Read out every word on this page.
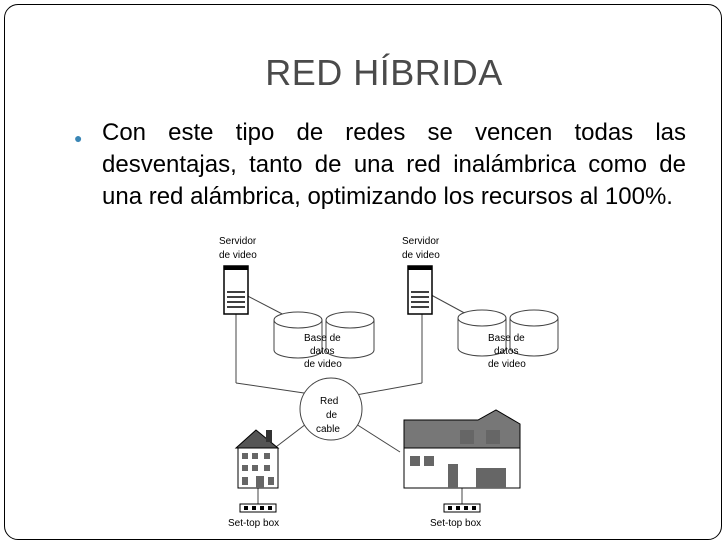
RED HÍBRIDA
● Con este tipo de redes se vencen todas las desventajas, tanto de una red inalámbrica como de una red alámbrica, optimizando los recursos al 100%.
Servidor
de video
Servidor
de video
Base de
datos
de video
Base de
datos
de video
Red
de
cable
Set-top box	Set-top box
